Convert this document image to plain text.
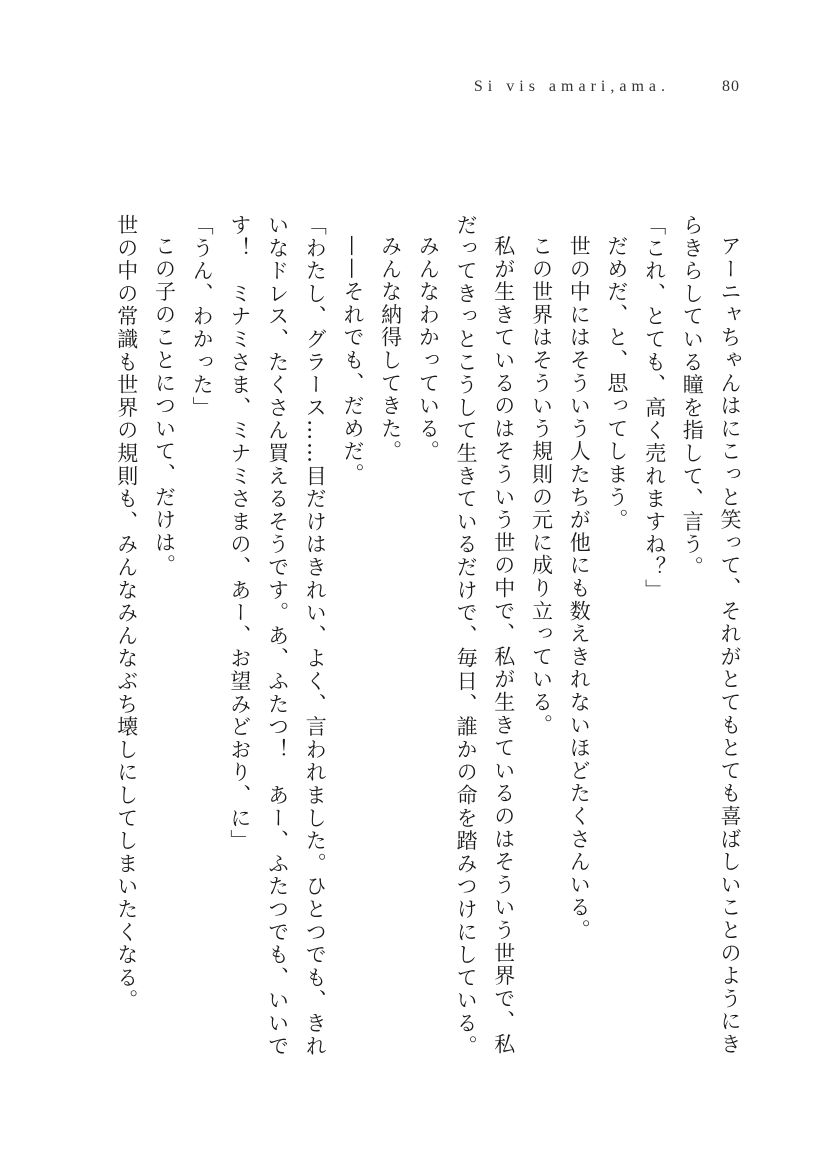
Si vis amari,ama.	80

アーニャちゃんはにこっと笑って、それがとてもとても喜ばしいことのようにきらきらしている瞳を指して、言う。

「これ、とても、高く売れますね？」

だめだ、と、思ってしまう。

世の中にはそういう人たちが他にも数えきれないほどたくさんいる。

この世界はそういう規則の元に成り立っている。

私が生きているのはそういう世の中で、私が生きているのはそういう世界で、私だってきっとこうして生きているだけで、毎日、誰かの命を踏みつけにしている。

みんなわかっている。

みんな納得してきた。

——それでも、だめだ。

「わたし、グラース……目だけはきれい、よく、言われました。ひとつでも、きれいなドレス、たくさん買えるそうです。あ、ふたつ！　あー、ふたつでも、いいです！　ミナミさま、ミナミさまの、あー、お望みどおり、に」

「うん、わかった」

この子のことについて、だけは。

世の中の常識も世界の規則も、みんなみんなぶち壊しにしてしまいたくなる。
